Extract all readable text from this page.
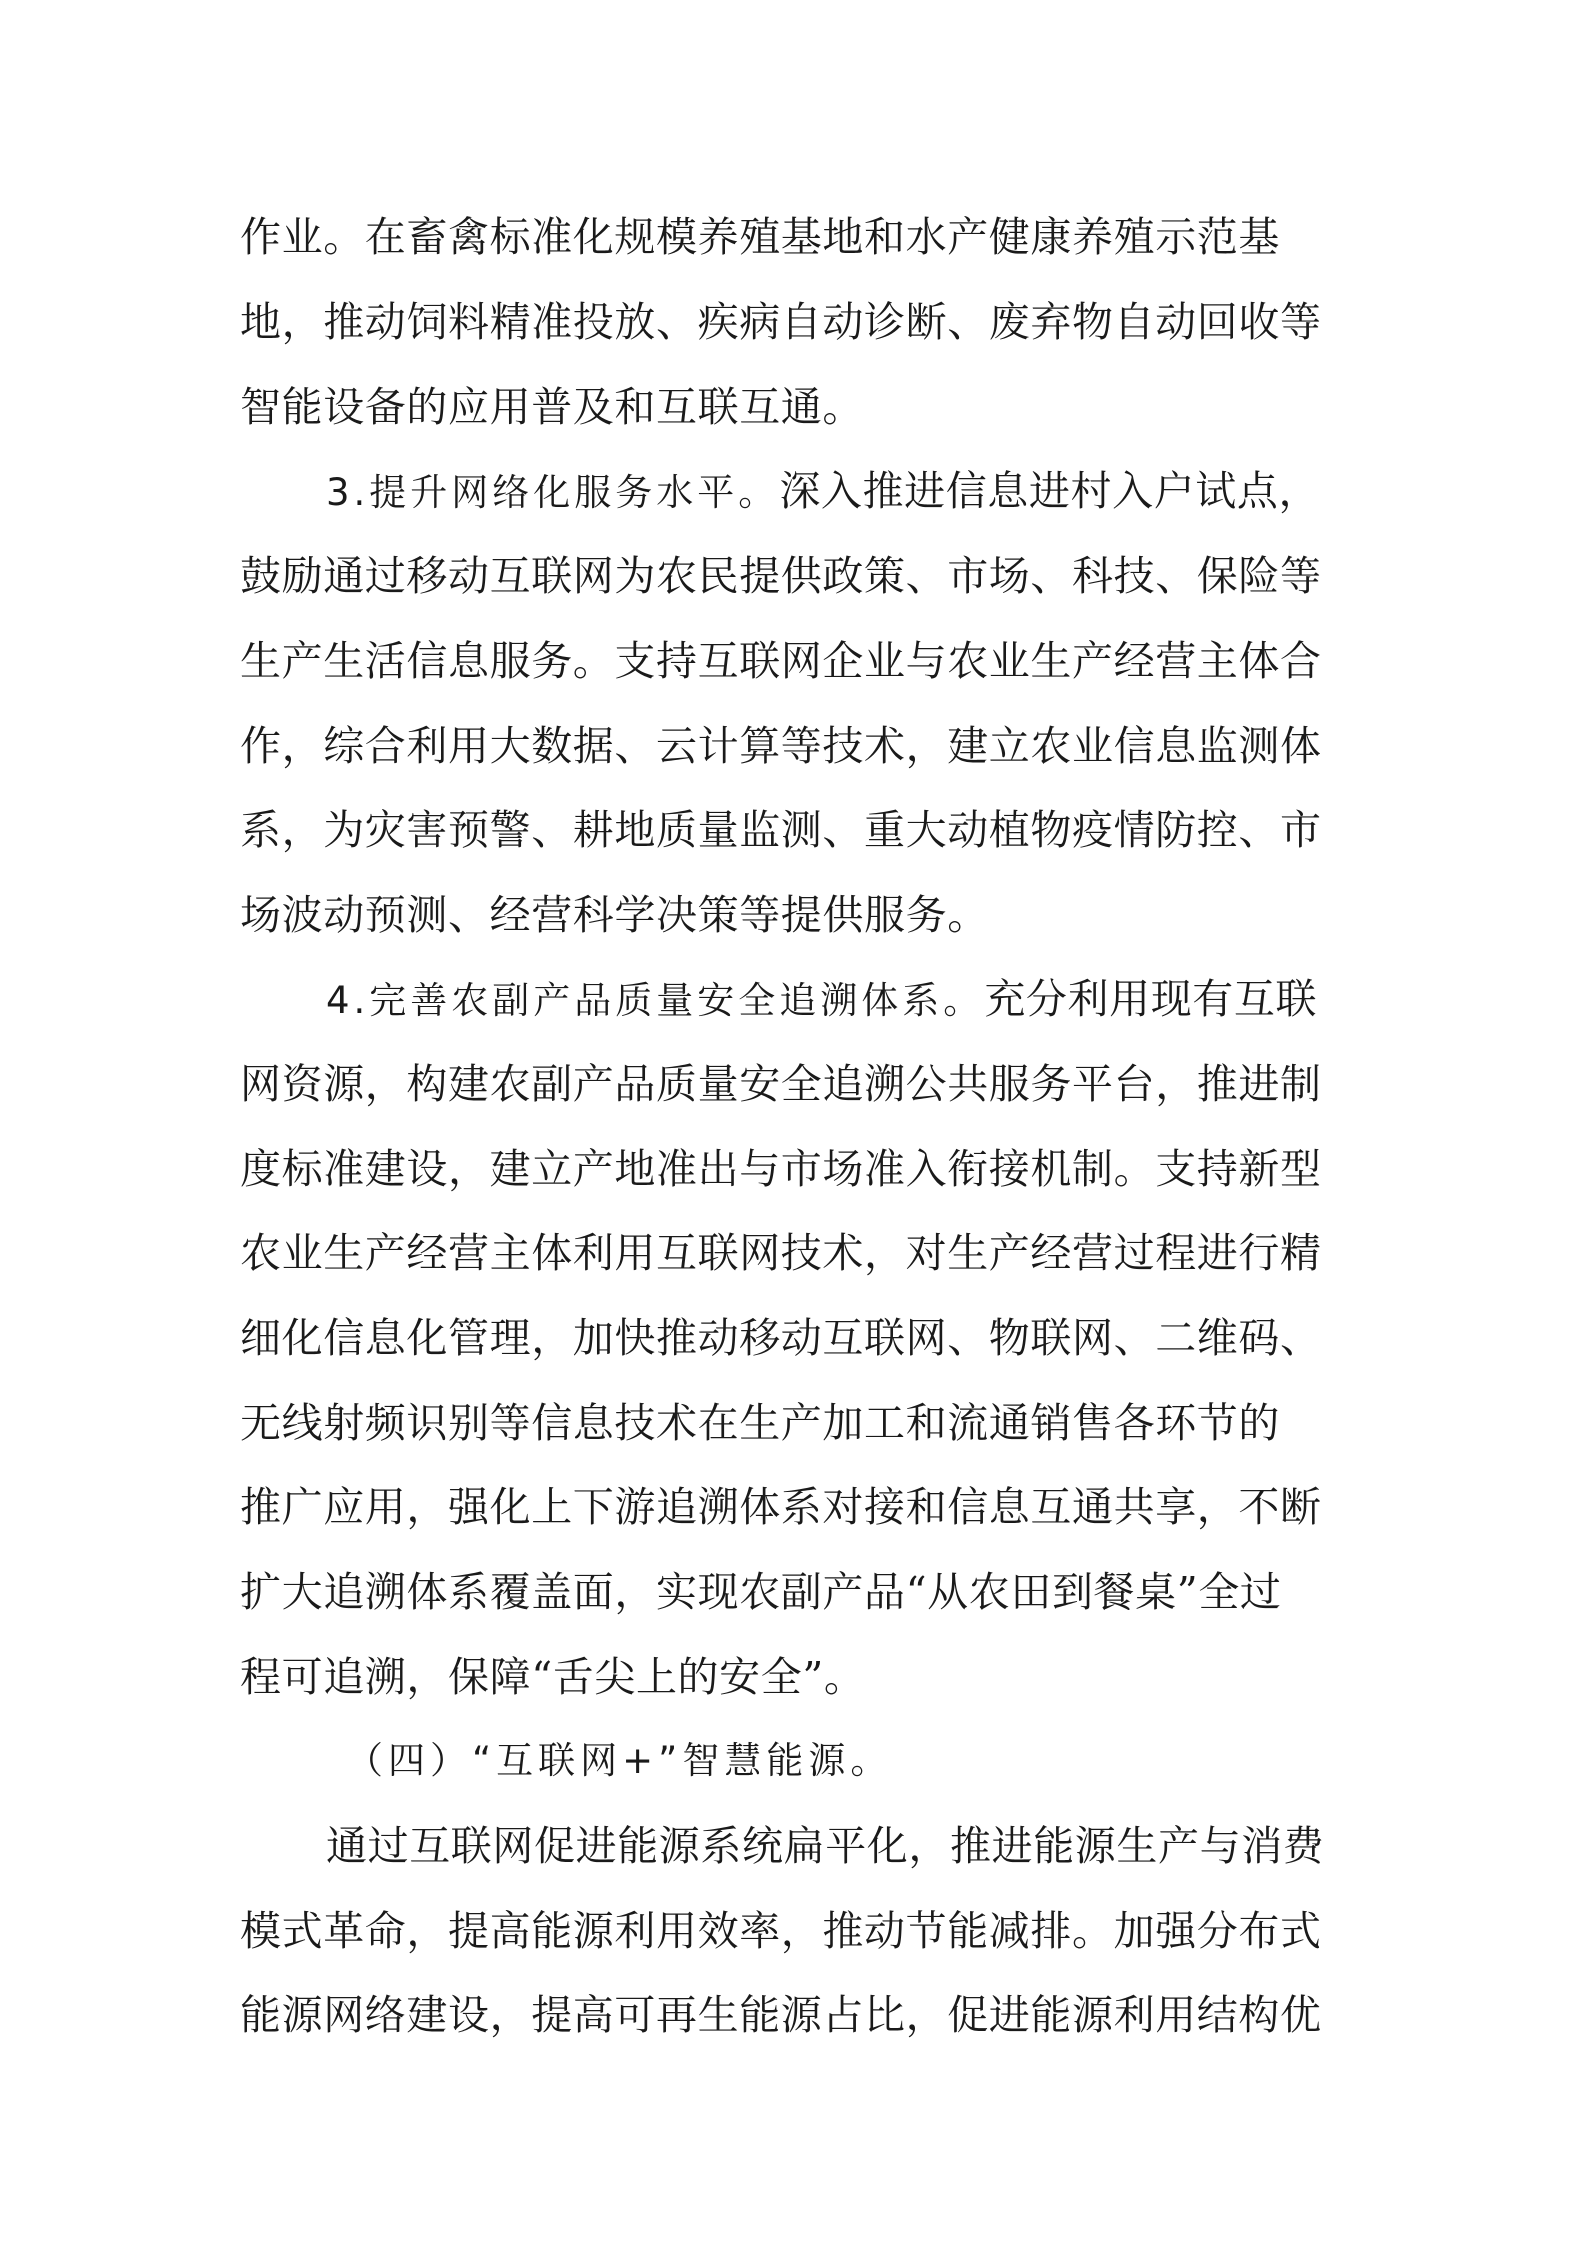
作业。在畜禽标准化规模养殖基地和水产健康养殖示范基
地，推动饲料精准投放、疾病自动诊断、废弃物自动回收等
智能设备的应用普及和互联互通。
3.提升网络化服务水平。深入推进信息进村入户试点，
鼓励通过移动互联网为农民提供政策、市场、科技、保险等
生产生活信息服务。支持互联网企业与农业生产经营主体合
作，综合利用大数据、云计算等技术，建立农业信息监测体
系，为灾害预警、耕地质量监测、重大动植物疫情防控、市
场波动预测、经营科学决策等提供服务。
4.完善农副产品质量安全追溯体系。充分利用现有互联
网资源，构建农副产品质量安全追溯公共服务平台，推进制
度标准建设，建立产地准出与市场准入衔接机制。支持新型
农业生产经营主体利用互联网技术，对生产经营过程进行精
细化信息化管理，加快推动移动互联网、物联网、二维码、
无线射频识别等信息技术在生产加工和流通销售各环节的
推广应用，强化上下游追溯体系对接和信息互通共享，不断
扩大追溯体系覆盖面，实现农副产品“从农田到餐桌”全过
程可追溯，保障“舌尖上的安全”。
（四）“互联网+”智慧能源。
通过互联网促进能源系统扁平化，推进能源生产与消费
模式革命，提高能源利用效率，推动节能减排。加强分布式
能源网络建设，提高可再生能源占比，促进能源利用结构优
